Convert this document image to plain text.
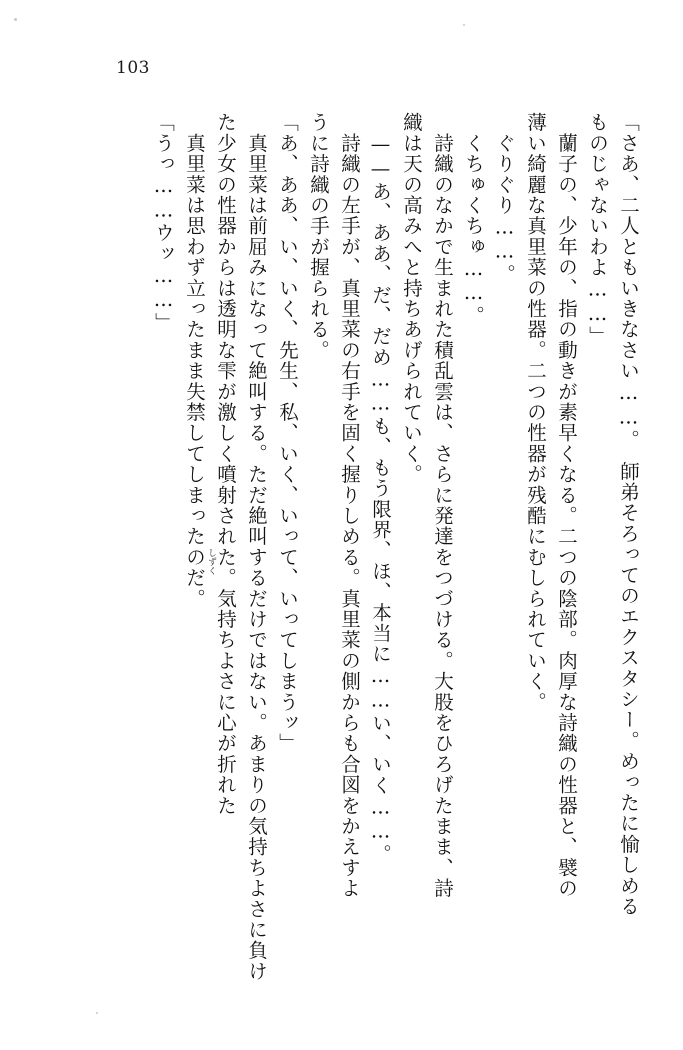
103
「さあ、二人ともいきなさい……。　師弟そろってのエクスタシー。めったに愉しめる
ものじゃないわよ……」
　蘭子の、少年の、指の動きが素早くなる。二つの陰部。肉厚な詩織の性器と、襞の
薄い綺麗な真里菜の性器。二つの性器が残酷にむしられていく。
　ぐりぐり……。
　くちゅくちゅ……。
　詩織のなかで生まれた積乱雲は、さらに発達をつづける。大股をひろげたまま、詩
織は天の高みへと持ちあげられていく。
　——あ、ああ、だ、だめ……も、もう限界、ほ、本当に……い、いく……。
　詩織の左手が、真里菜の右手を固く握りしめる。真里菜の側からも合図をかえすよ
うに詩織の手が握られる。
「あ、ああ、い、いく、先生、私、いく、いって、いってしまうッ」
　真里菜は前屈みになって絶叫する。ただ絶叫するだけではない。あまりの気持ちよさに負け
た少女の性器からは透明な雫が激しく噴射された。気持ちよさに心が折れた
　真里菜は思わず立ったまま失禁してしまったのだ。
「うっ……ウッ……」
しずく
